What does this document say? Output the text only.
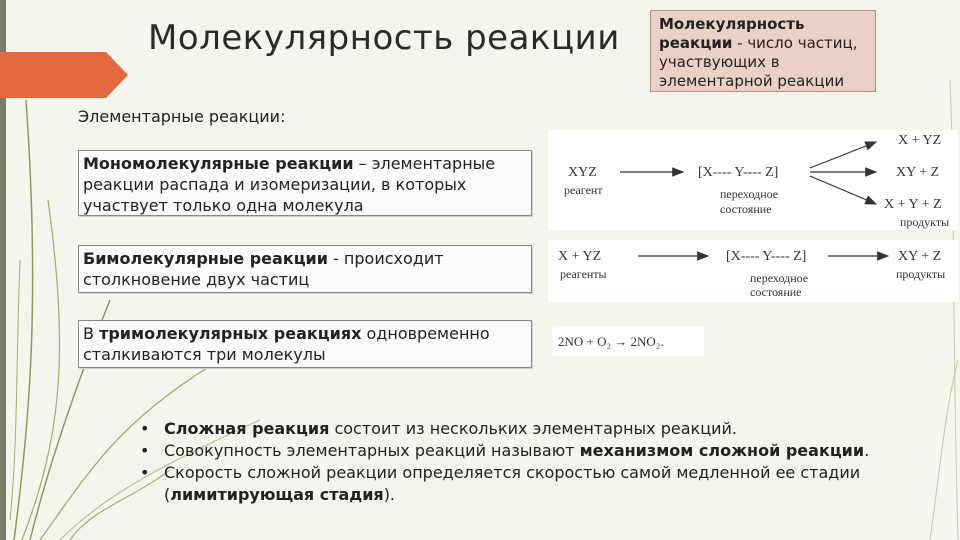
Молекулярность реакции	Молекулярность реакции - число частиц, участвующих в элементарной реакции
Элементарные реакции:
Мономолекулярные реакции – элементарные реакции распада и изомеризации, в которых участвует только одна молекула
Бимолекулярные реакции - происходит столкновение двух частиц
В тримолекулярных реакциях одновременно сталкиваются три молекулы
XYZ
реагент
[X---- Y---- Z]
переходное
состояние
X + YZ
XY + Z
X + Y + Z
продукты
X + YZ
реагенты
[X---- Y---- Z]
переходное
состояние
XY + Z
продукты
2NO + O₂ → 2NO₂.
• Сложная реакция состоит из нескольких элементарных реакций.
• Совокупность элементарных реакций называют механизмом сложной реакции.
• Скорость сложной реакции определяется скоростью самой медленной ее стадии (лимитирующая стадия).
